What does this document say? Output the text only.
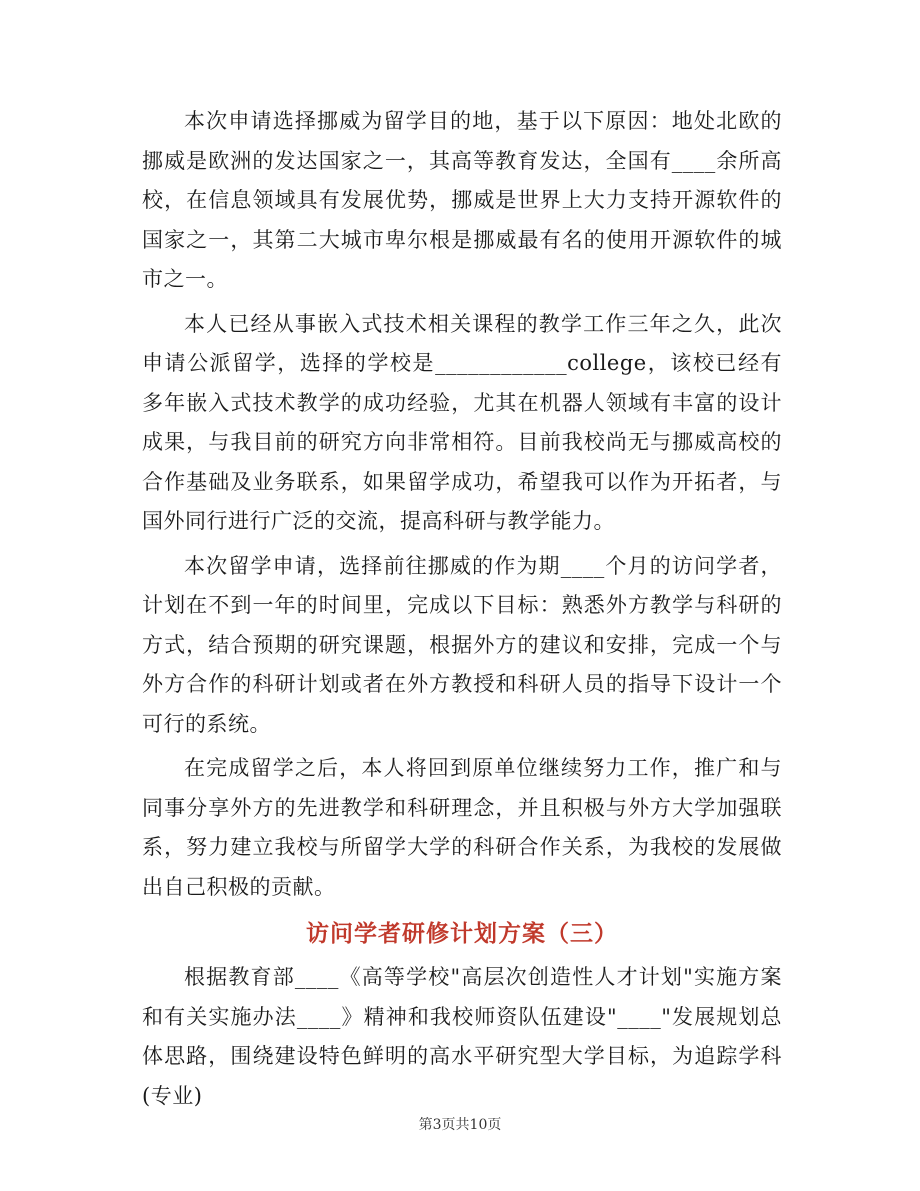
本次申请选择挪威为留学目的地，基于以下原因：地处北欧的挪威是欧洲的发达国家之一，其高等教育发达，全国有____余所高校，在信息领域具有发展优势，挪威是世界上大力支持开源软件的国家之一，其第二大城市卑尔根是挪威最有名的使用开源软件的城市之一。

本人已经从事嵌入式技术相关课程的教学工作三年之久，此次申请公派留学，选择的学校是____________college，该校已经有多年嵌入式技术教学的成功经验，尤其在机器人领域有丰富的设计成果，与我目前的研究方向非常相符。目前我校尚无与挪威高校的合作基础及业务联系，如果留学成功，希望我可以作为开拓者，与国外同行进行广泛的交流，提高科研与教学能力。

本次留学申请，选择前往挪威的作为期____个月的访问学者，计划在不到一年的时间里，完成以下目标：熟悉外方教学与科研的方式，结合预期的研究课题，根据外方的建议和安排，完成一个与外方合作的科研计划或者在外方教授和科研人员的指导下设计一个可行的系统。

在完成留学之后，本人将回到原单位继续努力工作，推广和与同事分享外方的先进教学和科研理念，并且积极与外方大学加强联系，努力建立我校与所留学大学的科研合作关系，为我校的发展做出自己积极的贡献。

访问学者研修计划方案（三）

根据教育部____《高等学校"高层次创造性人才计划"实施方案和有关实施办法____》精神和我校师资队伍建设"____"发展规划总体思路，围绕建设特色鲜明的高水平研究型大学目标，为追踪学科(专业)

第3页共10页
